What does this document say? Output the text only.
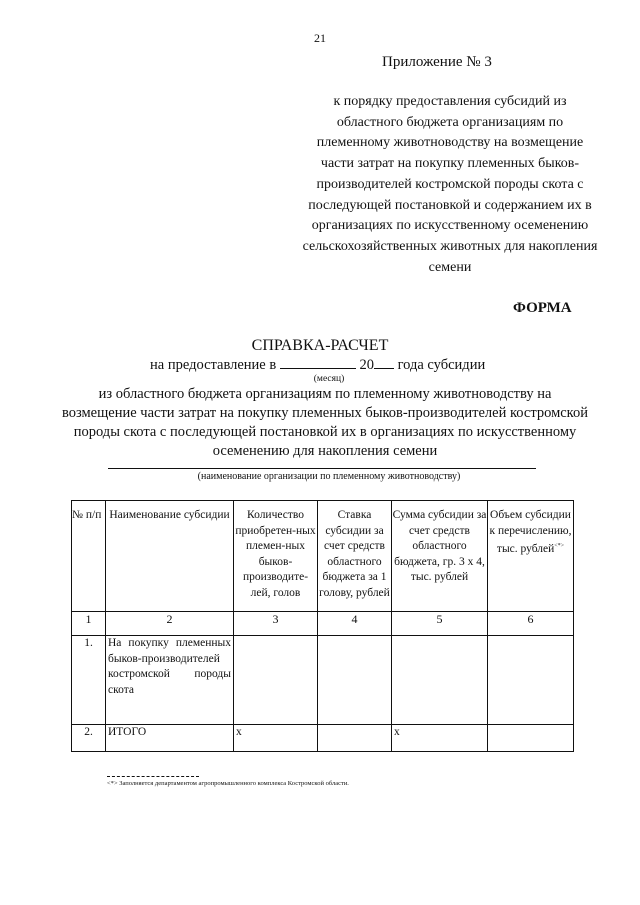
21
Приложение № 3
к порядку предоставления субсидий из областного бюджета организациям по племенному животноводству на возмещение части затрат на покупку племенных быков-производителей костромской породы скота с последующей постановкой и содержанием их в организациях по искусственному осеменению сельскохозяйственных животных для накопления семени
ФОРМА
СПРАВКА-РАСЧЕТ
на предоставление в	20 года субсидии
(месяц)
из областного бюджета организациям по племенному животноводству на возмещение части затрат на покупку племенных быков-производителей костромской породы скота с последующей постановкой их в организациях по искусственному осеменению для накопления семени
(наименование организации по племенному животноводству)
№ п/п	Наименование субсидии	Количество приобретен-ных племен-ных быков-производите-лей, голов	Ставка субсидии за счет средств областного бюджета за 1 голову, рублей	Сумма субсидии за счет средств областного бюджета, гр. 3 х 4, тыс. рублей	Объем субсидии к перечислению, тыс. рублей<*>
1	2	3	4	5	6
1.	На покупку племенных быков-производителей костромской породы скота				
2.	ИТОГО	х		х	
<*> Заполняется департаментом агропромышленного комплекса Костромской области.
